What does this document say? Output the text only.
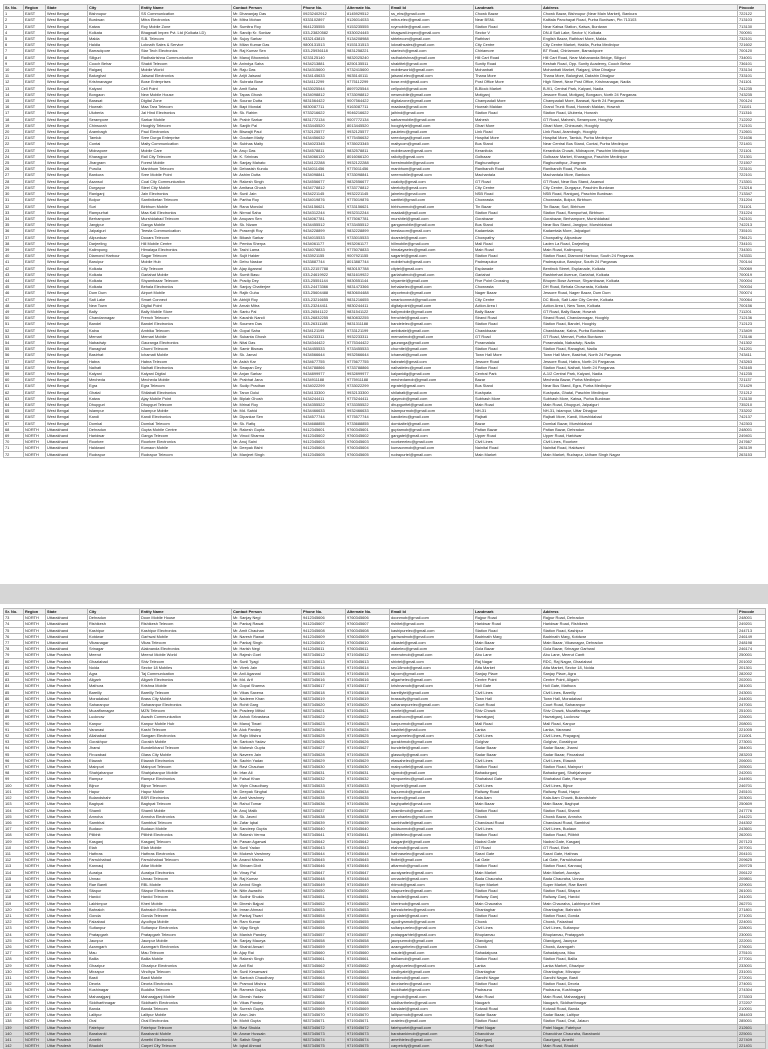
Sr. No.	Region	State	City	Entity Name	Contact Person	Phone No.	Alternate No.	Email Id	Landmark	Address	Pincode
1	EAST	West Bengal	Bishnupur	SS Communication	Mr. Dhananjay Das	09232402912	8145929512	ss_ebs@gmail.com	Chowk Bazar	Chowk Bazar, Bishnupur (Near Main Market), Bankura	722122
2	EAST	West Bengal	Burdwan	Mitra Electronics	Mr. Mitra Mohan	9333102897	9126014033	mitra.elec@gmail.com	Near BSNL	Kalitala Panchayat Road, Purba Burdwan, Pin 713103	713103
3	EAST	West Bengal	Katwa	Roy Mobile Zone	Mr. Sumitra Roy	9641235555	9153235555	roymobile@gmail.com	Station Road	Near Katwa Station, Katwa, Burdwan	713130
4	EAST	West Bengal	Kolkata	Bhagwati Impex Pvt. Ltd (Kolkata LD)	Mr. Sandip Kr. Sonkar	033-23820582	9330024445	bhagwati.impex@gmail.com	Sector V	DN-8 Salt Lake, Sector V, Kolkata	700091
5	EAST	West Bengal	Malda	S.B. Telecom	Mr. Sujoy Sarkar	9332143815	9134208988	sbtelecom@gmail.com	Rathbari	English Bazar, Rathbari More, Malda	732101
6	EAST	West Bengal	Haldia	Loknath Sales & Service	Mr. Milan Kumar Das	9800131513	9153131513	loknathsales@gmail.com	City Centre	City Centre Market, Haldia, Purba Medinipur	721602
7	EAST	West Bengal	Barrackpore	Star Tech Electronics	Mr. Raj Kumar Sen	033-25936118	9831258221	startech@gmail.com	Chiriamore	BT Road, Chiriamore, Barrackpore	700120
8	EAST	West Bengal	Siliguri	Radhakrishna Communication	Mr. Manoj Bhowmick	9233125140	9832025240	radhakrishna@gmail.com	Hill Cart Road	Hill Cart Road, Near Mahananda Bridge, Siliguri	734001
9	EAST	West Bengal	Cooch Behar	Shakti Telecom	Mr. Anindya Saha	9434213881	8250135511	shaktitel@gmail.com	Sunity Road	Keshab Road, Opp. Sunity Academy, Cooch Behar	736101
10	EAST	West Bengal	Raiganj	Mobile World	Mr. Raju Das	9434315600	9732415600	mobileworld@gmail.com	Mohanbati	Mohanbati Market, Raiganj, Uttar Dinajpur	733134
11	EAST	West Bengal	Balurghat	Jaiswal Electronics	Mr. Arijit Jaiswal	9434145633	9635140111	jaiswal.elec@gmail.com	Thana More	Thana More, Balurghat, Dakshin Dinajpur	733101
12	EAST	West Bengal	Krishnanagar	Bose Enterprises	Mr. Subrata Bose	9434112299	9775112299	bose.ent@gmail.com	Post Office More	High Street, Near Post Office, Krishnanagar, Nadia	741101
13	EAST	West Bengal	Kalyani	Cell Point	Mr. Amit Saha	9433025544	8697025544	cellpoint@gmail.com	B-Block Market	B-9/1, Central Park, Kalyani, Nadia	741235
14	EAST	West Bengal	Bongaon	New Mobile House	Mr. Tapas Ghosh	9434098812	9733098812	newmobile@gmail.com	Motiganj	Jessore Road, Motiganj, Bongaon, North 24 Parganas	743235
15	EAST	West Bengal	Barasat	Digital Zone	Mr. Sourav Dutta	9831564422	9007564422	digitalzone@gmail.com	Champadali More	Champadali More, Barasat, North 24 Parganas	700124
16	EAST	West Bengal	Howrah	Maa Tara Telecom	Mr. Bapi Mondal	9830087711	9163087711	maatara@gmail.com	Howrah Maidan	Grand Trunk Road, Howrah Maidan, Howrah	711101
17	EAST	West Bengal	Uluberia	Jai Hind Electronics	Mr. Sk. Rahim	9733216622	9046216622	jaihind@gmail.com	Station Road	Station Road, Uluberia, Howrah	711316
18	EAST	West Bengal	Serampore	Sarkar Mobile	Mr. Prabir Sarkar	9831772134	9007772134	sarkarmobile@gmail.com	Mahesh	GT Road, Mahesh, Serampore, Hooghly	712202
19	EAST	West Bengal	Chinsurah	Hooghly Telecom	Mr. Sanjib Pal	9433445520	8013445520	hooghlytel@gmail.com	Ghari More	Ghari More, Chinsurah, Hooghly	712101
20	EAST	West Bengal	Arambagh	Paul Electronics	Mr. Biswajit Paul	9732125577	9932125577	paulelec@gmail.com	Link Road	Link Road, Arambagh, Hooghly	712601
21	EAST	West Bengal	Tamluk	Sree Durga Enterprise	Mr. Goutam Maity	9434456632	9775456632	sreedurga@gmail.com	Hospital More	Hospital More, Tamluk, Purba Medinipur	721636
22	EAST	West Bengal	Contai	Maity Communication	Mr. Subhas Maity	9434023345	9735023345	maitycom@gmail.com	Bus Stand	Near Central Bus Stand, Contai, Purba Medinipur	721401
23	EAST	West Bengal	Midnapore	Mobile Care	Mr. Arup Das	9434578811	9832578811	mobilecare@gmail.com	Keranitola	Keranitola Chowk, Midnapore, Paschim Medinipur	721101
24	EAST	West Bengal	Kharagpur	Rail City Telecom	Mr. K. Srinivas	9434066120	8016066120	railcity@gmail.com	Golbazar	Golbazar Market, Kharagpur, Paschim Medinipur	721301
25	EAST	West Bengal	Jhargram	Forest Mobile	Mr. Sanjay Mahato	9434122288	9932122288	forestmobile@gmail.com	Raghunathpur	Raghunathpur, Jhargram	721507
26	EAST	West Bengal	Purulia	Manbhum Telecom	Mr. Debasish Kundu	9434011456	9775011456	manbhum@gmail.com	Ranibandh Road	Ranibandh Road, Purulia	723101
27	EAST	West Bengal	Bankura	Sree Mobile Point	Mr. Ashim Dutta	9434098841	9733098841	sreemobile@gmail.com	Machantala	Machantala More, Bankura	722101
28	EAST	West Bengal	Asansol	Coal City Communication	Mr. Rakesh Singh	9434556677	9832556677	coalcity@gmail.com	GT Road	GT Road, Near Bus Stand, Asansol	713301
29	EAST	West Bengal	Durgapur	Steel City Mobile	Mr. Amitava Ghosh	9434778812	9733778812	steelcity@gmail.com	City Centre	City Centre, Durgapur, Paschim Burdwan	713216
30	EAST	West Bengal	Raniganj	Jain Electronics	Mr. Sunil Jain	9434221145	9932221145	jainelec@gmail.com	NSB Road	NSB Road, Raniganj, Paschim Burdwan	713347
31	EAST	West Bengal	Bolpur	Santiniketan Telecom	Mr. Partha Roy	9434019876	9775019876	santitel@gmail.com	Chowrasta	Chowrasta, Bolpur, Birbhum	731204
32	EAST	West Bengal	Suri	Birbhum Mobile	Mr. Rana Mondal	9434156621	9733156621	birbhummob@gmail.com	Tin Bazar	Tin Bazar, Suri, Birbhum	731101
33	EAST	West Bengal	Rampurhat	Maa Kali Electronics	Mr. Nirmal Saha	9434312244	9932312244	maakali@gmail.com	Station Road	Station Road, Rampurhat, Birbhum	731224
34	EAST	West Bengal	Berhampore	Murshidabad Telecom	Mr. Anupam Sen	9434067781	9775067781	murshitel@gmail.com	Gorabazar	Gorabazar, Berhampore, Murshidabad	742101
35	EAST	West Bengal	Jangipur	Ganga Mobile	Mr. Sk. Nizam	9434455512	9733455512	gangamobile@gmail.com	Bus Stand	Near Bus Stand, Jangipur, Murshidabad	742213
36	EAST	West Bengal	Jalpaiguri	Teesta Communication	Mr. Prasenjit Roy	9434228899	9832228899	teestacom@gmail.com	Kadamtala	Kadamtala More, Jalpaiguri	735101
37	EAST	West Bengal	Alipurduar	Dooars Telecom	Mr. Bikash Sarkar	9434015533	9733015533	doarstel@gmail.com	Chowpathy	Chowpathy, Alipurduar	736121
38	EAST	West Bengal	Darjeeling	Hill Mobile Centre	Mr. Pemba Sherpa	9434061177	9932061177	hillmobile@gmail.com	Mall Road	Laden La Road, Darjeeling	734101
39	EAST	West Bengal	Kalimpong	Himalaya Electronics	Mr. Tashi Lama	9434078833	9775078833	himalayaelec@gmail.com	Main Road	Main Road, Kalimpong	734301
40	EAST	West Bengal	Diamond Harbour	Sagar Telecom	Mr. Sujit Halder	9433921155	9007921155	sagartel@gmail.com	Station Road	Station Road, Diamond Harbour, South 24 Parganas	743331
41	EAST	West Bengal	Baruipur	Mobile Hub	Mr. Debu Naskar	9433887744	8013887744	mobilehub@gmail.com	Padmapukur	Padmapukur, Baruipur, South 24 Parganas	700144
42	EAST	West Bengal	Kolkata	City Telecom	Mr. Ajay Agarwal	033-22157788	9830157788	citytel@gmail.com	Esplanade	Bentinck Street, Esplanade, Kolkata	700069
43	EAST	West Bengal	Kolkata	Gariahat Mobile	Mr. Sumit Basu	033-24619922	9831619922	gariahatmob@gmail.com	Gariahat	Rashbehari Avenue, Gariahat, Kolkata	700019
44	EAST	West Bengal	Kolkata	Shyambazar Telecom	Mr. Pradip Dey	033-25551144	9830551144	shyamtel@gmail.com	Five Point Crossing	Bhupen Bose Avenue, Shyambazar, Kolkata	700004
45	EAST	West Bengal	Kolkata	Behala Electronics	Mr. Sanjoy Chatterjee	033-24473366	9831473366	behalaelec@gmail.com	Chowrasta	DH Road, Behala Chowrasta, Kolkata	700034
46	EAST	West Bengal	Dum Dum	Airport Mobile	Mr. Rajib Guha	033-25604488	9830604488	airportmob@gmail.com	Nager Bazar	Jessore Road, Nager Bazar, Dum Dum	700074
47	EAST	West Bengal	Salt Lake	Smart Connect	Mr. Abhijit Roy	033-23216655	9831216655	smartconnect@gmail.com	City Centre	DC Block, Salt Lake City Centre, Kolkata	700064
48	EAST	West Bengal	New Town	Digital Point	Mr. Arnab Mitra	033-23244411	9830244411	digitalpoint@gmail.com	Action Area I	Action Area I, New Town, Kolkata	700156
49	EAST	West Bengal	Bally	Bally Mobile Store	Mr. Santu Pal	033-26541122	9831541122	ballymobile@gmail.com	Bally Bazar	GT Road, Bally Bazar, Howrah	711201
50	EAST	West Bengal	Chandannagar	French Telecom	Mr. Kaushik Nandi	033-26832255	9830832255	frenchtel@gmail.com	Strand Road	Strand Road, Chandannagar, Hooghly	712136
51	EAST	West Bengal	Bandel	Bandel Electronics	Mr. Soumen Das	033-26311188	9831311188	bandelelec@gmail.com	Station Road	Station Road, Bandel, Hooghly	712123
52	EAST	West Bengal	Kalna	Ambika Telecom	Mr. Gopal Saha	9434121199	9733121199	ambikatel@gmail.com	Chawkbazar	Chawkbazar, Kalna, Purba Burdwan	713409
53	EAST	West Bengal	Memari	Memari Mobile	Mr. Sukanta Ghosh	9434233311	9932233311	memarimob@gmail.com	GT Road	GT Road, Memari, Purba Burdwan	713146
54	EAST	West Bengal	Nabadwip	Gauranga Electronics	Mr. Nitai Das	9434344422	9775344422	gauranga@gmail.com	Poramatala	Poramatala, Nabadwip, Nadia	741302
55	EAST	West Bengal	Ranaghat	Churni Telecom	Mr. Samir Biswas	9434455533	9733455533	churnitel@gmail.com	Station Road	Station Road, Ranaghat, Nadia	741201
56	EAST	West Bengal	Basirhat	Ichamati Mobile	Mr. Sk. Jamal	9434566644	9932566644	ichamati@gmail.com	Town Hall More	Town Hall More, Basirhat, North 24 Parganas	743411
57	EAST	West Bengal	Habra	Habra Telecom	Mr. Asish Kar	9434677755	9775677755	habratel@gmail.com	Jessore Road	Jessore Road, Habra, North 24 Parganas	743263
58	EAST	West Bengal	Naihati	Naihati Electronics	Mr. Swapan Dey	9434788866	9733788866	naihatielec@gmail.com	Station Road	Station Road, Naihati, North 24 Parganas	743165
59	EAST	West Bengal	Kalyani	Kalyani Digital	Mr. Anjan Sarkar	9434899977	9932899977	kalyanidig@gmail.com	Central Park	A-1/2 Central Park, Kalyani, Nadia	741235
60	EAST	West Bengal	Mecheda	Mecheda Mobile	Mr. Prabhat Jana	9434911188	9775911188	mechedamob@gmail.com	Bazar	Mecheda Bazar, Purba Medinipur	721137
61	EAST	West Bengal	Egra	Egra Telecom	Mr. Sudip Pradhan	9434022299	9733022299	egratel@gmail.com	Bus Stand	Near Bus Stand, Egra, Purba Medinipur	721429
62	EAST	West Bengal	Ghatal	Shilabati Electronics	Mr. Tarun Dolui	9434133300	9932133300	shilabati@gmail.com	Kushpata	Kushpata, Ghatal, Paschim Medinipur	721212
63	EAST	West Bengal	Katwa	Ajay Mobile Point	Mr. Biplab Ghosh	9434244411	9775244411	ajaymob@gmail.com	Subhash More	Subhash More, Katwa, Purba Burdwan	713130
64	EAST	West Bengal	Dhupguri	Dhupguri Telecom	Mr. Mrinal Roy	9434355522	9733355522	dhupguritel@gmail.com	Main Road	Main Road, Dhupguri, Jalpaiguri	735210
65	EAST	West Bengal	Islampur	Islampur Mobile	Mr. Md. Sahid	9434466633	9932466633	islampurmob@gmail.com	NH-31	NH-31, Islampur, Uttar Dinajpur	733202
66	EAST	West Bengal	Kandi	Kandi Electronics	Mr. Dipankar Sen	9434577744	9775577744	kandielec@gmail.com	Rajbati	Rajbati More, Kandi, Murshidabad	742137
67	EAST	West Bengal	Domkal	Domkal Telecom	Mr. Sk. Rafiq	9434688855	9733688855	domkaltel@gmail.com	Bazar	Domkal Bazar, Murshidabad	742303
68	NORTH	Uttarakhand	Dehradun	Gupta Mobile Centre	Mr. Rakesh Gupta	9412345601	9760345601	guptamob@gmail.com	Paltan Bazar	Paltan Bazar, Dehradun	248001
69	NORTH	Uttarakhand	Haridwar	Ganga Telecom	Mr. Vinod Sharma	9412345602	9760345602	gangatel@gmail.com	Upper Road	Upper Road, Haridwar	249401
70	NORTH	Uttarakhand	Roorkee	Roorkee Electronics	Mr. Anuj Saini	9412345603	9760345603	roorkeeelec@gmail.com	Civil Lines	Civil Lines, Roorkee	247667
71	NORTH	Uttarakhand	Haldwani	Kumaon Mobile	Mr. Deepak Bisht	9412345604	9760345604	kumaonmob@gmail.com	Nainital Road	Nainital Road, Haldwani	263139
72	NORTH	Uttarakhand	Rudrapur	Rudrapur Telecom	Mr. Manjeet Singh	9412345605	9760345605	rudrapurtel@gmail.com	Main Market	Main Market, Rudrapur, Udham Singh Nagar	263153
Sr. No.	Region	State	City	Entity Name	Contact Person	Phone No.	Alternate No.	Email Id	Landmark	Address	Pincode
73	NORTH	Uttarakhand	Dehradun	Doon Mobile House	Mr. Sanjay Negi	9412345606	9760345606	doonmob@gmail.com	Rajpur Road	Rajpur Road, Dehradun	248001
74	NORTH	Uttarakhand	Rishikesh	Rishikesh Telecom	Mr. Pankaj Rawat	9412345607	9760345607	rishitel@gmail.com	Haridwar Road	Haridwar Road, Rishikesh	249201
75	NORTH	Uttarakhand	Kashipur	Kashipur Electronics	Mr. Amit Chauhan	9412345608	9760345608	kashipurelec@gmail.com	Station Road	Station Road, Kashipur	244713
76	NORTH	Uttarakhand	Kotdwar	Garhwal Mobile	Mr. Naresh Rawat	9412345609	9760345609	garhwalmob@gmail.com	Badrinath Marg	Badrinath Marg, Kotdwar	246149
77	NORTH	Uttarakhand	Vikasnagar	Vikas Telecom	Mr. Pankaj Singh	9412345610	9760345610	vikastel@gmail.com	Main Bazar	Main Bazar, Vikasnagar, Dehradun	248198
78	NORTH	Uttarakhand	Srinagar	Alaknanda Electronics	Mr. Harish Negi	9412345611	9760345611	alakelec@gmail.com	Gola Bazar	Gola Bazar, Srinagar Garhwal	246174
79	NORTH	Uttar Pradesh	Meerut	Meerut Mobile World	Mr. Rajesh Goel	9837345612	9719345612	meerutmob@gmail.com	Abu Lane	Abu Lane, Meerut Cantt	250001
80	NORTH	Uttar Pradesh	Ghaziabad	Shiv Telecom	Mr. Sunil Tyagi	9837345613	9719345613	shivtel@gmail.com	Raj Nagar	RDC, Raj Nagar, Ghaziabad	201002
81	NORTH	Uttar Pradesh	Noida	Sector 18 Mobiles	Mr. Vivek Jain	9837345614	9719345614	sec18mob@gmail.com	Atta Market	Atta Market, Sector 18, Noida	201301
82	NORTH	Uttar Pradesh	Agra	Taj Communication	Mr. Anil Agarwal	9837345615	9719345615	tajcom@gmail.com	Sanjay Place	Sanjay Place, Agra	282002
83	NORTH	Uttar Pradesh	Aligarh	Aligarh Electronics	Mr. Md. Arif	9837345616	9719345616	aligarhelec@gmail.com	Centre Point	Centre Point, Aligarh	202001
84	NORTH	Uttar Pradesh	Mathura	Krishna Mobile	Mr. Gopal Sharma	9837345617	9719345617	krishnamob@gmail.com	Holi Gate	Holi Gate, Mathura	281001
85	NORTH	Uttar Pradesh	Bareilly	Bareilly Telecom	Mr. Vikas Saxena	9837345618	9719345618	bareillytel@gmail.com	Civil Lines	Civil Lines, Bareilly	243001
86	NORTH	Uttar Pradesh	Moradabad	Brass City Mobile	Mr. Nadeem Khan	9837345619	9719345619	brasscity@gmail.com	Town Hall	Town Hall, Moradabad	244001
87	NORTH	Uttar Pradesh	Saharanpur	Saharanpur Electronics	Mr. Rohit Garg	9837345620	9719345620	saharanpurelec@gmail.com	Court Road	Court Road, Saharanpur	247001
88	NORTH	Uttar Pradesh	Muzaffarnagar	MZN Telecom	Mr. Pradeep Mittal	9837345621	9719345621	mzntel@gmail.com	Shiv Chowk	Shiv Chowk, Muzaffarnagar	251001
89	NORTH	Uttar Pradesh	Lucknow	Awadh Communication	Mr. Ashok Srivastava	9837345622	9719345622	awadhcom@gmail.com	Hazratganj	Hazratganj, Lucknow	226001
90	NORTH	Uttar Pradesh	Kanpur	Kanpur Mobile Hub	Mr. Manoj Tiwari	9837345623	9719345623	kanpurmob@gmail.com	Mall Road	Mall Road, Kanpur	208001
91	NORTH	Uttar Pradesh	Varanasi	Kashi Telecom	Mr. Alok Pandey	9837345624	9719345624	kashitel@gmail.com	Lanka	Lanka, Varanasi	221005
92	NORTH	Uttar Pradesh	Allahabad	Sangam Electronics	Mr. Rajiv Mishra	9837345625	9719345625	sangamelec@gmail.com	Civil Lines	Civil Lines, Prayagraj	211001
93	NORTH	Uttar Pradesh	Gorakhpur	Gorakh Mobile	Mr. Santosh Yadav	9837345626	9719345626	gorakhmob@gmail.com	Golghar	Golghar, Gorakhpur	273001
94	NORTH	Uttar Pradesh	Jhansi	Bundelkhand Telecom	Mr. Mahesh Gupta	9837345627	9719345627	bundeltel@gmail.com	Sadar Bazar	Sadar Bazar, Jhansi	284001
95	NORTH	Uttar Pradesh	Firozabad	Glass City Mobile	Mr. Naveen Jain	9837345628	9719345628	glasscity@gmail.com	Sadar Bazar	Sadar Bazar, Firozabad	283203
96	NORTH	Uttar Pradesh	Etawah	Etawah Electronics	Mr. Sachin Yadav	9837345629	9719345629	etawahelec@gmail.com	Civil Lines	Civil Lines, Etawah	206001
97	NORTH	Uttar Pradesh	Mainpuri	Mainpuri Telecom	Mr. Ravi Chauhan	9837345630	9719345630	mainpuritel@gmail.com	Station Road	Station Road, Mainpuri	205001
98	NORTH	Uttar Pradesh	Shahjahanpur	Shahjahanpur Mobile	Mr. Irfan Ali	9837345631	9719345631	sjpmob@gmail.com	Bahadurganj	Bahadurganj, Shahjahanpur	242001
99	NORTH	Uttar Pradesh	Rampur	Rampur Electronics	Mr. Faisal Khan	9837345632	9719345632	rampurelec@gmail.com	Shahabad Gate	Shahabad Gate, Rampur	244901
100	NORTH	Uttar Pradesh	Bijnor	Bijnor Telecom	Mr. Vipin Chaudhary	9837345633	9719345633	bijnortel@gmail.com	Civil Lines	Civil Lines, Bijnor	246701
101	NORTH	Uttar Pradesh	Hapur	Hapur Mobile	Mr. Deepak Singhal	9837345634	9719345634	hapurmob@gmail.com	Railway Road	Railway Road, Hapur	245101
102	NORTH	Uttar Pradesh	Bulandshahr	BSR Electronics	Mr. Amit Varshney	9837345635	9719345635	bsrelec@gmail.com	Kala Aam	Kala Aam Chowk, Bulandshahr	203001
103	NORTH	Uttar Pradesh	Baghpat	Baghpat Telecom	Mr. Rahul Tomar	9837345636	9719345636	baghpattel@gmail.com	Main Bazar	Main Bazar, Baghpat	250609
104	NORTH	Uttar Pradesh	Shamli	Shamli Mobile	Mr. Anuj Malik	9837345637	9719345637	shamlimob@gmail.com	Station Road	Station Road, Shamli	247776
105	NORTH	Uttar Pradesh	Amroha	Amroha Electronics	Mr. Sk. Javed	9837345638	9719345638	amrohaelec@gmail.com	Chowk	Chowk Bazar, Amroha	244221
106	NORTH	Uttar Pradesh	Sambhal	Sambhal Telecom	Mr. Zafar Iqbal	9837345639	9719345639	sambhaltel@gmail.com	Chandausi Road	Chandausi Road, Sambhal	244302
107	NORTH	Uttar Pradesh	Budaun	Budaun Mobile	Mr. Sandeep Gupta	9837345640	9719345640	budaunmob@gmail.com	Civil Lines	Civil Lines, Budaun	243601
108	NORTH	Uttar Pradesh	Pilibhit	Pilibhit Electronics	Mr. Rakesh Verma	9837345641	9719345641	pilibhitelec@gmail.com	Station Road	Station Road, Pilibhit	262001
109	NORTH	Uttar Pradesh	Kasganj	Kasganj Telecom	Mr. Pawan Agarwal	9837345642	9719345642	kasganjtel@gmail.com	Nadrai Gate	Nadrai Gate, Kasganj	207123
110	NORTH	Uttar Pradesh	Etah	Etah Mobile	Mr. Sunil Yadav	9837345643	9719345643	etahmob@gmail.com	GT Road	GT Road, Etah	207001
111	NORTH	Uttar Pradesh	Hathras	Hathras Electronics	Mr. Mukesh Varshney	9837345644	9719345644	hathraselec@gmail.com	Sasni Gate	Sasni Gate, Hathras	204101
112	NORTH	Uttar Pradesh	Farrukhabad	Farrukhabad Telecom	Mr. Anand Mishra	9837345645	9719345645	fbdtel@gmail.com	Lal Gate	Lal Gate, Farrukhabad	209625
113	NORTH	Uttar Pradesh	Kannauj	Attar Mobile	Mr. Shivam Dixit	9837345646	9719345646	attarmob@gmail.com	Station Road	Station Road, Kannauj	209725
114	NORTH	Uttar Pradesh	Auraiya	Auraiya Electronics	Mr. Vinay Pal	9837345647	9719345647	auraiyaelec@gmail.com	Main Market	Main Market, Auraiya	206122
115	NORTH	Uttar Pradesh	Unnao	Unnao Telecom	Mr. Raj Kumar	9837345648	9719345648	unnaotel@gmail.com	Bada Chauraha	Bada Chauraha, Unnao	209801
116	NORTH	Uttar Pradesh	Rae Bareli	RBL Mobile	Mr. Arvind Singh	9837345649	9719345649	rblmob@gmail.com	Super Market	Super Market, Rae Bareli	229001
117	NORTH	Uttar Pradesh	Sitapur	Sitapur Electronics	Mr. Nitin Awasthi	9837345650	9719345650	sitapurelec@gmail.com	Station Road	Station Road, Sitapur	261001
118	NORTH	Uttar Pradesh	Hardoi	Hardoi Telecom	Mr. Sudhir Shukla	9837345651	9719345651	hardoitel@gmail.com	Railway Ganj	Railway Ganj, Hardoi	241001
119	NORTH	Uttar Pradesh	Lakhimpur	Kheri Mobile	Mr. Dinesh Bajpai	9837345652	9719345652	kherimob@gmail.com	Main Chauraha	Main Chauraha, Lakhimpur Kheri	262701
120	NORTH	Uttar Pradesh	Bahraich	Bahraich Electronics	Mr. Imran Ahmad	9837345653	9719345653	bahraichelec@gmail.com	Ghantaghar	Ghantaghar, Bahraich	271801
121	NORTH	Uttar Pradesh	Gonda	Gonda Telecom	Mr. Pankaj Tiwari	9837345654	9719345654	gondatel@gmail.com	Station Road	Station Road, Gonda	271001
122	NORTH	Uttar Pradesh	Faizabad	Ayodhya Mobile	Mr. Ram Kumar	9837345655	9719345655	ayodhyamob@gmail.com	Chowk	Chowk, Faizabad	224001
123	NORTH	Uttar Pradesh	Sultanpur	Sultanpur Electronics	Mr. Vijay Singh	9837345656	9719345656	sultanpurelec@gmail.com	Civil Lines	Civil Lines, Sultanpur	228001
124	NORTH	Uttar Pradesh	Pratapgarh	Pratapgarh Telecom	Mr. Manish Pandey	9837345657	9719345657	pratapgarhtel@gmail.com	Bhupiamau	Bhupiamau, Pratapgarh	230001
125	NORTH	Uttar Pradesh	Jaunpur	Jaunpur Mobile	Mr. Sanjay Maurya	9837345658	9719345658	jaunpurmob@gmail.com	Olandganj	Olandganj, Jaunpur	222001
126	NORTH	Uttar Pradesh	Azamgarh	Azamgarh Electronics	Mr. Shahid Ansari	9837345659	9719345659	azamgarhelec@gmail.com	Chowk	Chowk, Azamgarh	276001
127	NORTH	Uttar Pradesh	Mau	Mau Telecom	Mr. Ajay Rai	9837345660	9719345660	mautel@gmail.com	Sahadatpura	Sahadatpura, Mau	275101
128	NORTH	Uttar Pradesh	Ballia	Ballia Mobile	Mr. Rakesh Singh	9837345661	9719345661	balliamob@gmail.com	Station Road	Station Road, Ballia	277001
129	NORTH	Uttar Pradesh	Ghazipur	Ghazipur Electronics	Mr. Anil Rai	9837345662	9719345662	ghazipurelec@gmail.com	Lanka	Lanka Market, Ghazipur	233001
130	NORTH	Uttar Pradesh	Mirzapur	Vindhya Telecom	Mr. Sunil Kesarwani	9837345663	9719345663	vindhyatel@gmail.com	Ghantaghar	Ghantaghar, Mirzapur	231001
131	NORTH	Uttar Pradesh	Basti	Basti Mobile	Mr. Santosh Chaudhary	9837345664	9719345664	bastimob@gmail.com	Gandhi Nagar	Gandhi Nagar, Basti	272001
132	NORTH	Uttar Pradesh	Deoria	Deoria Electronics	Mr. Pramod Mishra	9837345665	9719345665	deoriaelec@gmail.com	Station Road	Station Road, Deoria	274001
133	NORTH	Uttar Pradesh	Kushinagar	Buddha Telecom	Mr. Ramesh Gupta	9837345666	9719345666	buddhatel@gmail.com	Padrauna	Padrauna, Kushinagar	274304
134	NORTH	Uttar Pradesh	Maharajganj	Maharajganj Mobile	Mr. Dinesh Yadav	9837345667	9719345667	mgjmob@gmail.com	Main Road	Main Road, Maharajganj	273303
135	NORTH	Uttar Pradesh	Siddharthnagar	Siddharth Electronics	Mr. Vikas Pandey	9837345668	9719345668	siddharthelec@gmail.com	Naugarh	Naugarh, Siddharthnagar	272207
136	NORTH	Uttar Pradesh	Banda	Banda Telecom	Mr. Suresh Gupta	9837345669	9719345669	bandatel@gmail.com	Kotwali Road	Kotwali Road, Banda	210001
137	NORTH	Uttar Pradesh	Lalitpur	Lalitpur Mobile	Mr. Arun Jain	9837345670	9719345670	lalitpurmob@gmail.com	Sadar Bazar	Sadar Bazar, Lalitpur	284403
138	NORTH	Uttar Pradesh	Orai	Orai Electronics	Mr. Mohit Gupta	9837345671	9719345671	oraielec@gmail.com	Station Road	Station Road, Orai, Jalaun	285001
139	NORTH	Uttar Pradesh	Fatehpur	Fatehpur Telecom	Mr. Ravi Shukla	9837345672	9719345672	fatehpurtel@gmail.com	Patel Nagar	Patel Nagar, Fatehpur	212601
140	NORTH	Uttar Pradesh	Barabanki	Barabanki Mobile	Mr. Anwar Hussain	9837345673	9719345673	barabankimob@gmail.com	Dhanokhar	Dhanokhar Chauraha, Barabanki	225001
141	NORTH	Uttar Pradesh	Amethi	Amethi Electronics	Mr. Satish Singh	9837345674	9719345674	amethielec@gmail.com	Gauriganj	Gauriganj, Amethi	227409
142	NORTH	Uttar Pradesh	Bhadohi	Carpet City Telecom	Mr. Iqbal Ahmad	9837345675	9719345675	carpetcity@gmail.com	Main Road	Main Road, Bhadohi	221401
